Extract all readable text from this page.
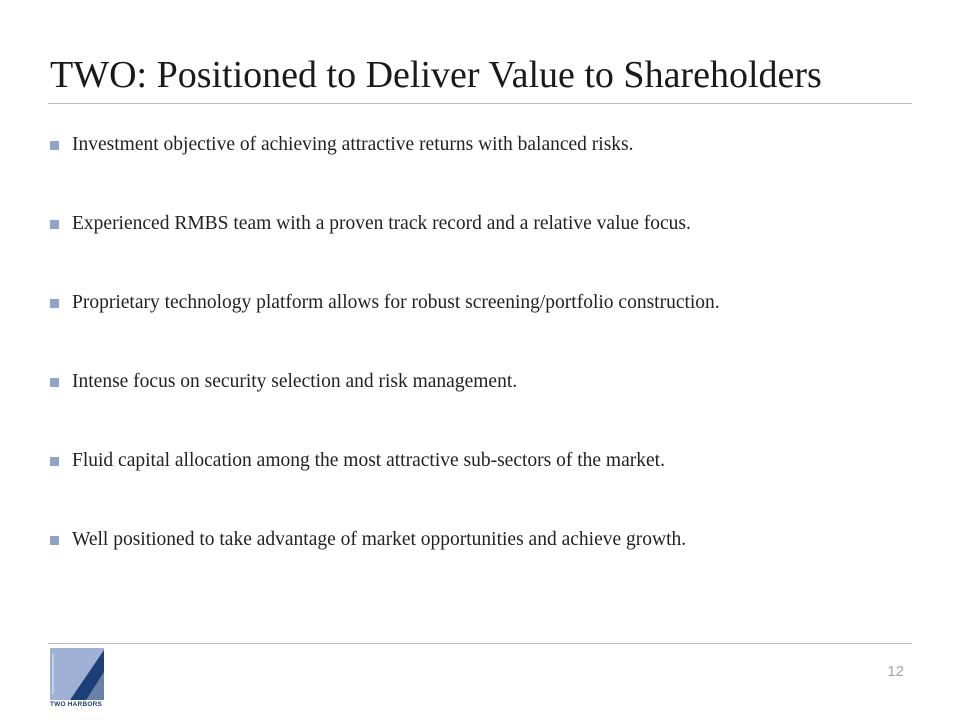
TWO: Positioned to Deliver Value to Shareholders
Investment objective of achieving attractive returns with balanced risks.
Experienced RMBS team with a proven track record and a relative value focus.
Proprietary technology platform allows for robust screening/portfolio construction.
Intense focus on security selection and risk management.
Fluid capital allocation among the most attractive sub-sectors of the market.
Well positioned to take advantage of market opportunities and achieve growth.
TWO HARBORS
12
